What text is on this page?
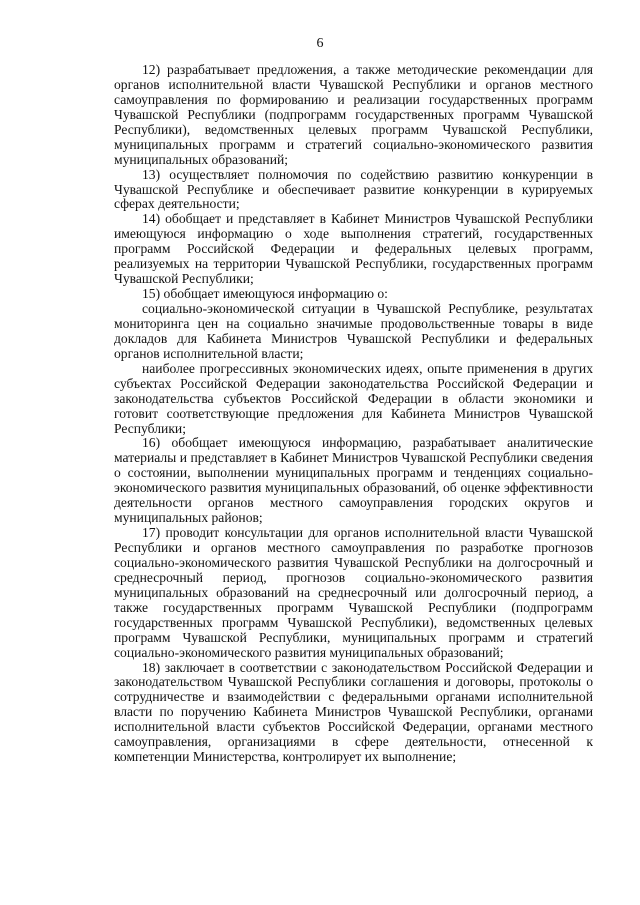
6

12) разрабатывает предложения, а также методические рекомендации для органов исполнительной власти Чувашской Республики и органов местного самоуправления по формированию и реализации государственных программ Чувашской Республики (подпрограмм государственных программ Чувашской Республики), ведомственных целевых программ Чувашской Республики, муниципальных программ и стратегий социально-экономического развития муниципальных образований;

13) осуществляет полномочия по содействию развитию конкуренции в Чувашской Республике и обеспечивает развитие конкуренции в курируемых сферах деятельности;

14) обобщает и представляет в Кабинет Министров Чувашской Республики имеющуюся информацию о ходе выполнения стратегий, государственных программ Российской Федерации и федеральных целевых программ, реализуемых на территории Чувашской Республики, государственных программ Чувашской Республики;

15) обобщает имеющуюся информацию о:

социально-экономической ситуации в Чувашской Республике, результатах мониторинга цен на социально значимые продовольственные товары в виде докладов для Кабинета Министров Чувашской Республики и федеральных органов исполнительной власти;

наиболее прогрессивных экономических идеях, опыте применения в других субъектах Российской Федерации законодательства Российской Федерации и законодательства субъектов Российской Федерации в области экономики и готовит соответствующие предложения для Кабинета Министров Чувашской Республики;

16) обобщает имеющуюся информацию, разрабатывает аналитические материалы и представляет в Кабинет Министров Чувашской Республики сведения о состоянии, выполнении муниципальных программ и тенденциях социально-экономического развития муниципальных образований, об оценке эффективности деятельности органов местного самоуправления городских округов и муниципальных районов;

17) проводит консультации для органов исполнительной власти Чувашской Республики и органов местного самоуправления по разработке прогнозов социально-экономического развития Чувашской Республики на долгосрочный и среднесрочный период, прогнозов социально-экономического развития муниципальных образований на среднесрочный или долгосрочный период, а также государственных программ Чувашской Республики (подпрограмм государственных программ Чувашской Республики), ведомственных целевых программ Чувашской Республики, муниципальных программ и стратегий социально-экономического развития муниципальных образований;

18) заключает в соответствии с законодательством Российской Федерации и законодательством Чувашской Республики соглашения и договоры, протоколы о сотрудничестве и взаимодействии с федеральными органами исполнительной власти по поручению Кабинета Министров Чувашской Республики, органами исполнительной власти субъектов Российской Федерации, органами местного самоуправления, организациями в сфере деятельности, отнесенной к компетенции Министерства, контролирует их выполнение;
